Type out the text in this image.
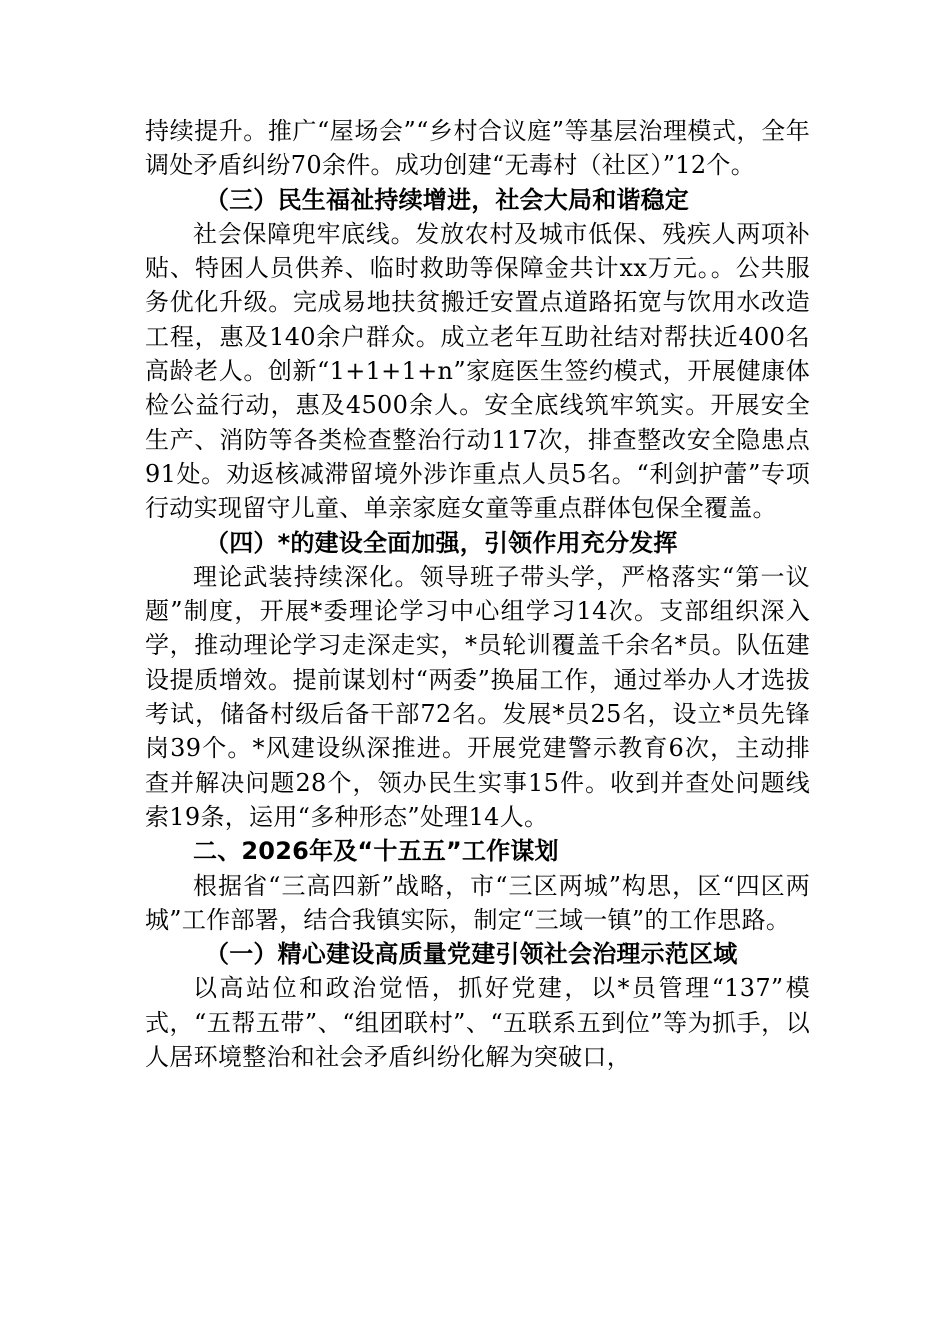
持续提升。推广“屋场会”“乡村合议庭”等基层治理模式，全年调处矛盾纠纷70余件。成功创建“无毒村（社区）”12个。

（三）民生福祉持续增进，社会大局和谐稳定

社会保障兜牢底线。发放农村及城市低保、残疾人两项补贴、特困人员供养、临时救助等保障金共计xx万元。。公共服务优化升级。完成易地扶贫搬迁安置点道路拓宽与饮用水改造工程，惠及140余户群众。成立老年互助社结对帮扶近400名高龄老人。创新“1+1+1+n”家庭医生签约模式，开展健康体检公益行动，惠及4500余人。安全底线筑牢筑实。开展安全生产、消防等各类检查整治行动117次，排查整改安全隐患点91处。劝返核减滞留境外涉诈重点人员5名。“利剑护蕾”专项行动实现留守儿童、单亲家庭女童等重点群体包保全覆盖。

（四）*的建设全面加强，引领作用充分发挥

理论武装持续深化。领导班子带头学，严格落实“第一议题”制度，开展*委理论学习中心组学习14次。支部组织深入学，推动理论学习走深走实，*员轮训覆盖千余名*员。队伍建设提质增效。提前谋划村“两委”换届工作，通过举办人才选拔考试，储备村级后备干部72名。发展*员25名，设立*员先锋岗39个。*风建设纵深推进。开展党建警示教育6次，主动排查并解决问题28个，领办民生实事15件。收到并查处问题线索19条，运用“多种形态”处理14人。

二、2026年及“十五五”工作谋划

根据省“三高四新”战略，市“三区两城”构思，区“四区两城”工作部署，结合我镇实际，制定“三域一镇”的工作思路。

（一）精心建设高质量党建引领社会治理示范区域

以高站位和政治觉悟，抓好党建，以*员管理“137”模式，“五帮五带”、“组团联村”、“五联系五到位”等为抓手，以人居环境整治和社会矛盾纠纷化解为突破口，
